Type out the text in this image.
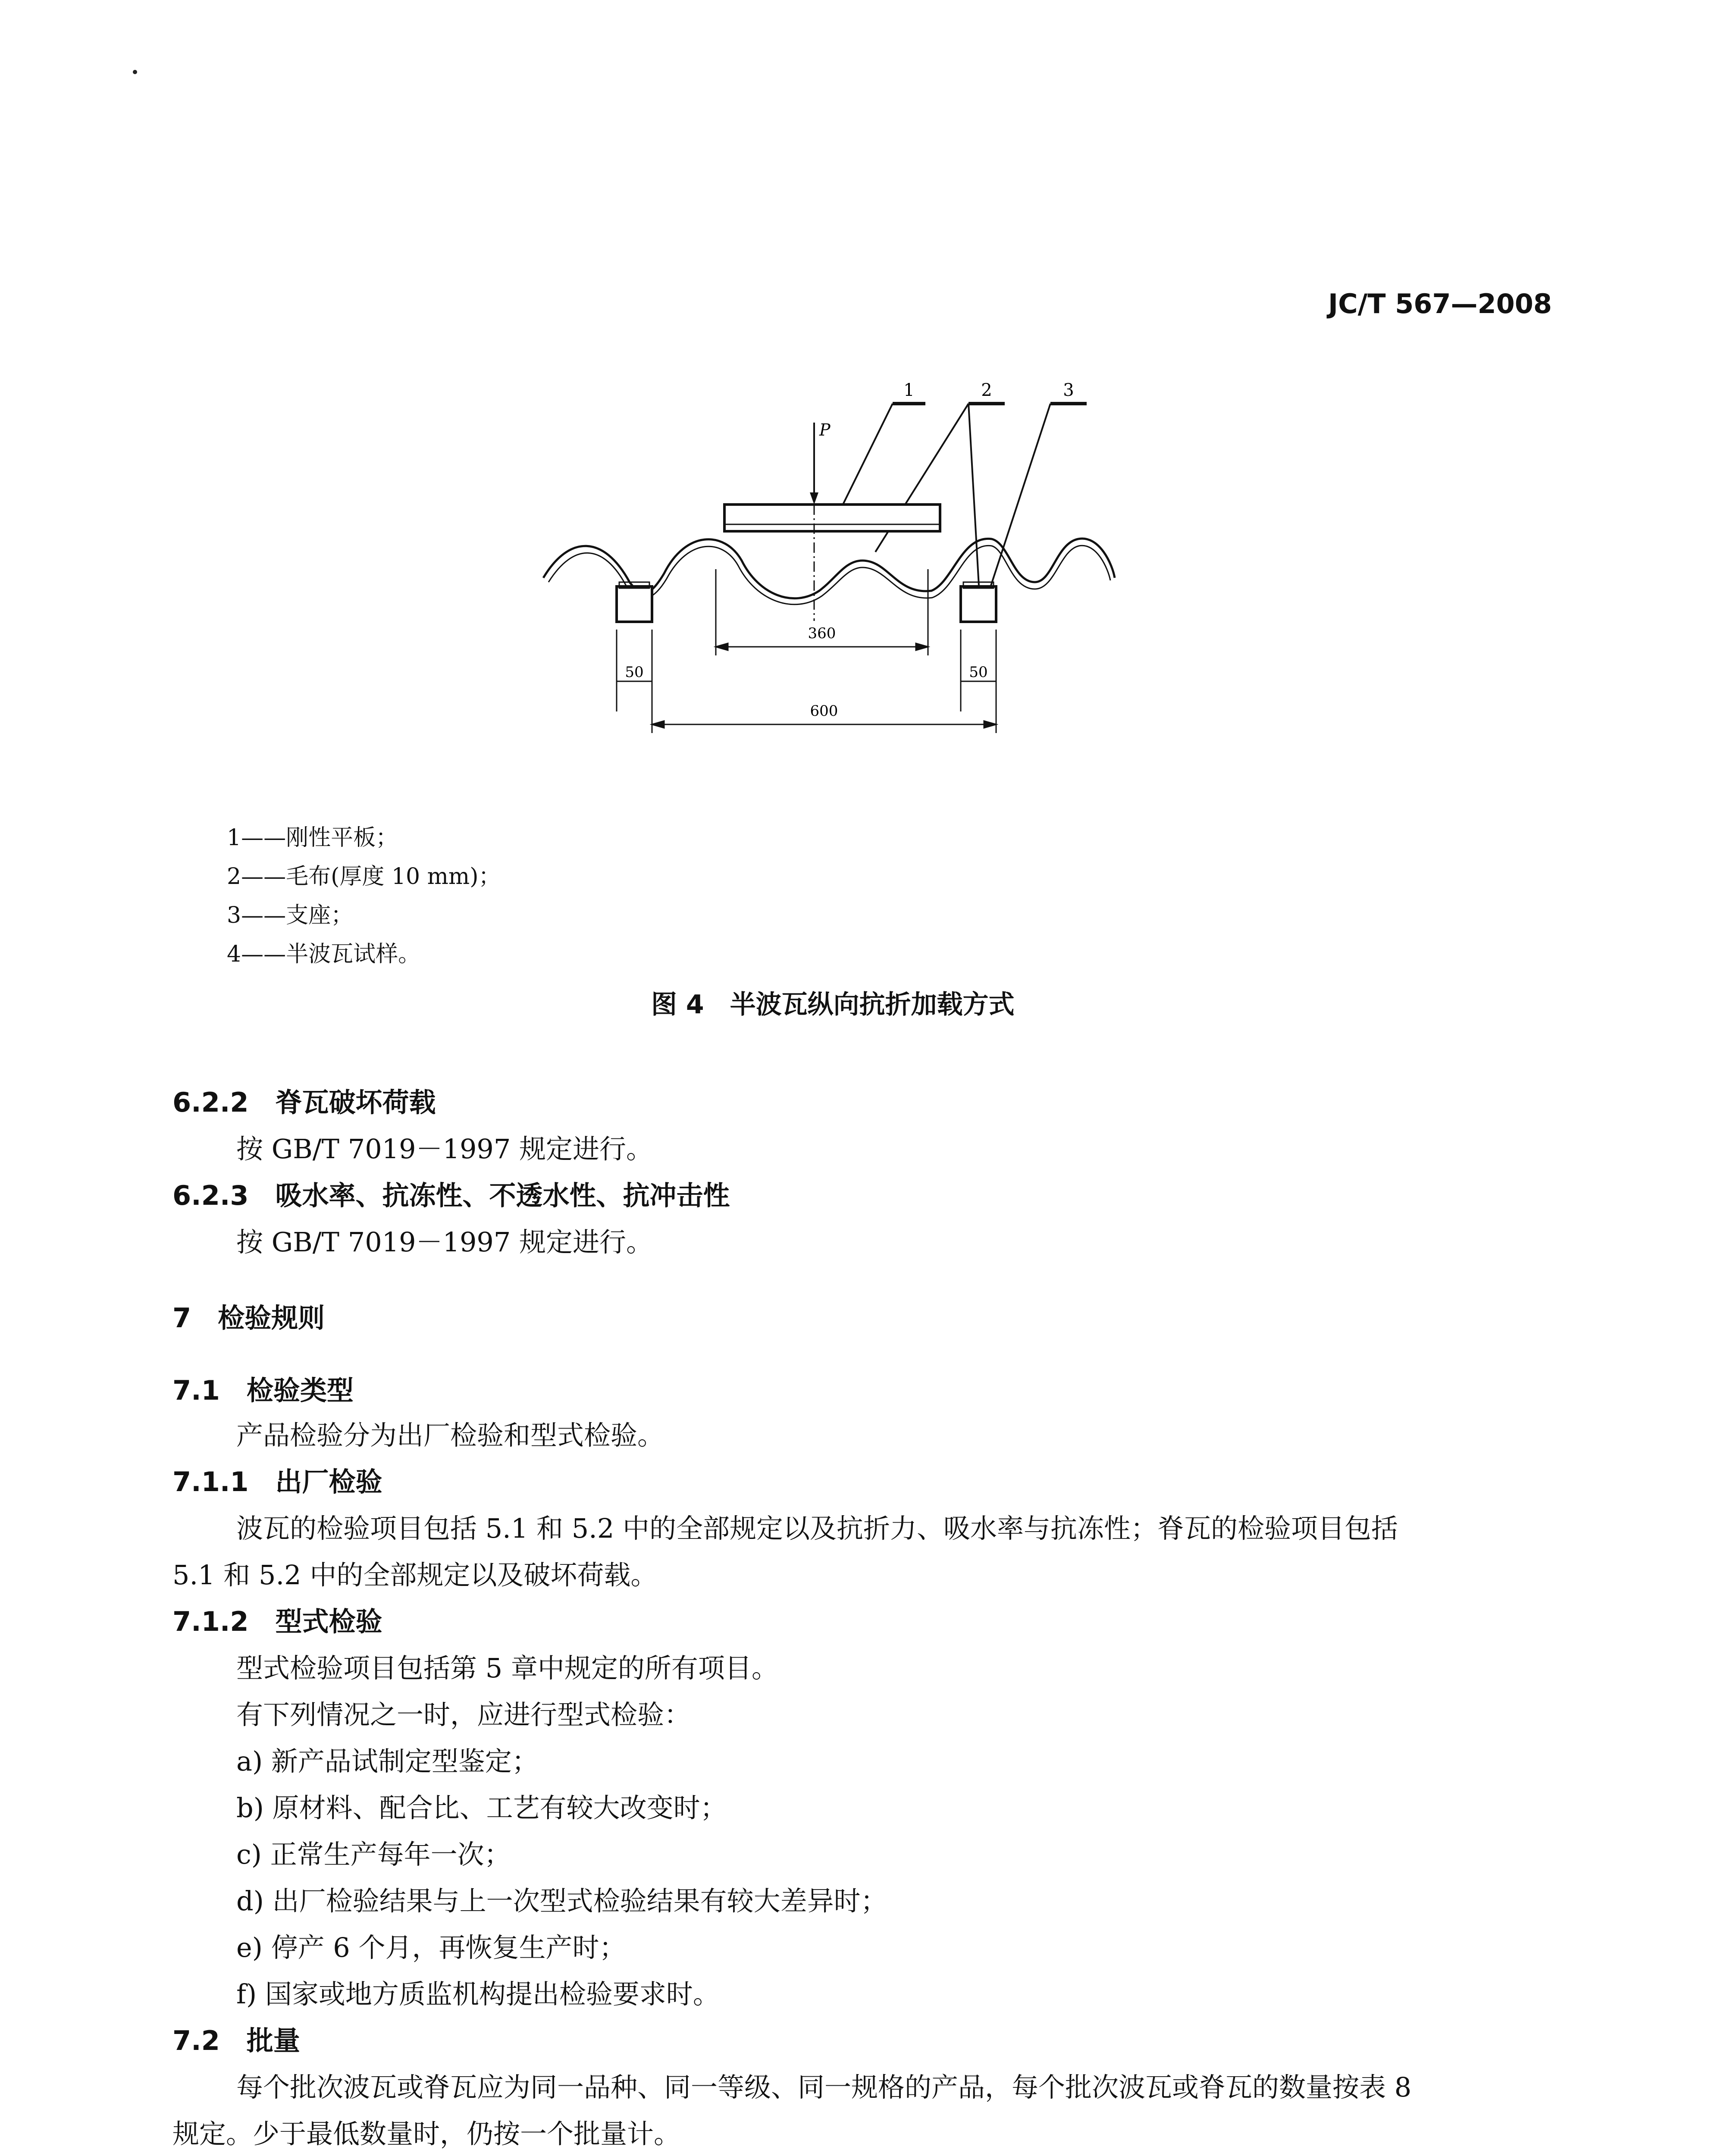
JC/T 567—2008
1	2	3
P
360
50	50
600
1——刚性平板；
2——毛布(厚度 10 mm)；
3——支座；
4——半波瓦试样。
图 4　半波瓦纵向抗折加载方式
6.2.2　脊瓦破坏荷载
按 GB/T 7019－1997 规定进行。
6.2.3　吸水率、抗冻性、不透水性、抗冲击性
按 GB/T 7019－1997 规定进行。
7　检验规则
7.1　检验类型
产品检验分为出厂检验和型式检验。
7.1.1　出厂检验
波瓦的检验项目包括 5.1 和 5.2 中的全部规定以及抗折力、吸水率与抗冻性；脊瓦的检验项目包括
5.1 和 5.2 中的全部规定以及破坏荷载。
7.1.2　型式检验
型式检验项目包括第 5 章中规定的所有项目。
有下列情况之一时，应进行型式检验：
a) 新产品试制定型鉴定；
b) 原材料、配合比、工艺有较大改变时；
c) 正常生产每年一次；
d) 出厂检验结果与上一次型式检验结果有较大差异时；
e) 停产 6 个月，再恢复生产时；
f) 国家或地方质监机构提出检验要求时。
7.2　批量
每个批次波瓦或脊瓦应为同一品种、同一等级、同一规格的产品，每个批次波瓦或脊瓦的数量按表 8
规定。少于最低数量时，仍按一个批量计。
